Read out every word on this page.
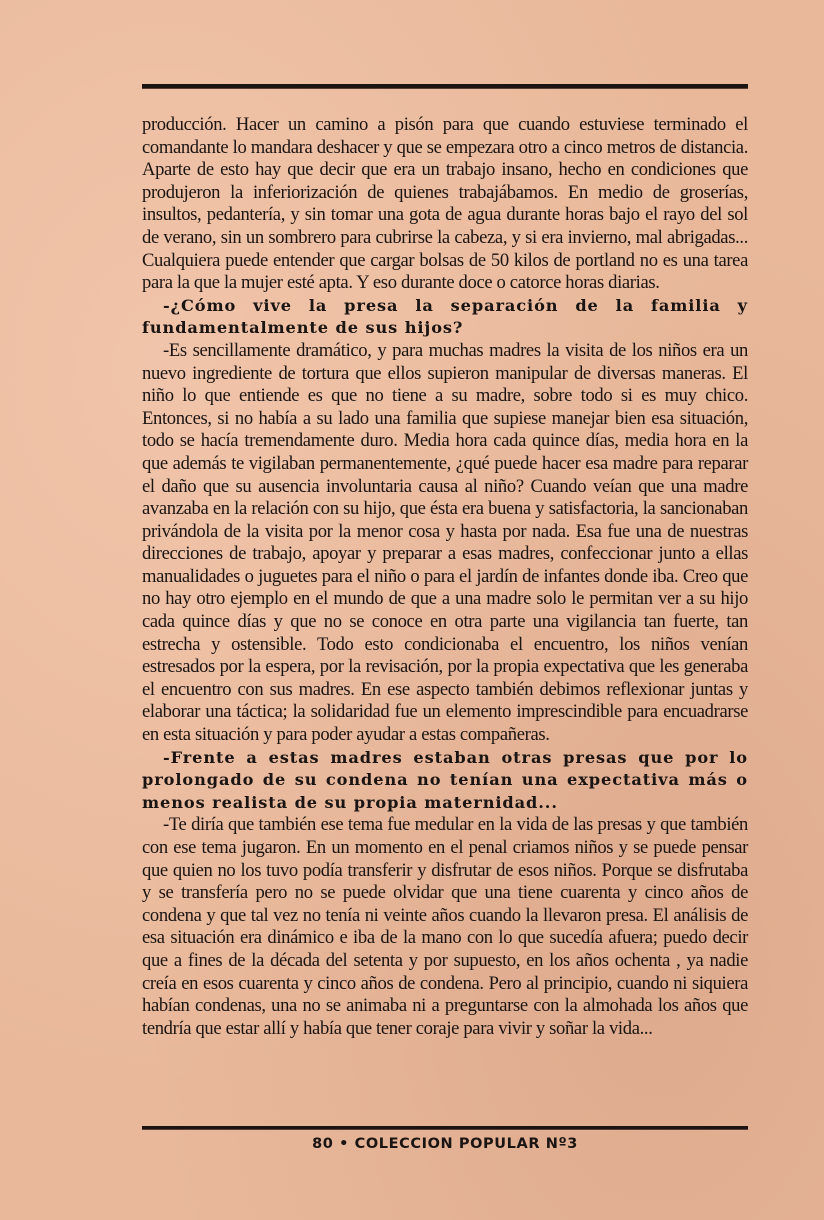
producción. Hacer un camino a pisón para que cuando estuviese terminado el comandante lo mandara deshacer y que se empezara otro a cinco metros de distancia. Aparte de esto hay que decir que era un trabajo insano, hecho en condiciones que produjeron la inferiorización de quienes trabajábamos. En medio de groserías, insultos, pedantería, y sin tomar una gota de agua durante horas bajo el rayo del sol de verano, sin un sombrero para cubrirse la cabeza, y si era invierno, mal abrigadas... Cualquiera puede entender que cargar bolsas de 50 kilos de portland no es una tarea para la que la mujer esté apta. Y eso durante doce o catorce horas diarias.

-¿Cómo vive la presa la separación de la familia y fundamentalmente de sus hijos?

-Es sencillamente dramático, y para muchas madres la visita de los niños era un nuevo ingrediente de tortura que ellos supieron manipular de diversas maneras. El niño lo que entiende es que no tiene a su madre, sobre todo si es muy chico. Entonces, si no había a su lado una familia que supiese manejar bien esa situación, todo se hacía tremendamente duro. Media hora cada quince días, media hora en la que además te vigilaban permanentemente, ¿qué puede hacer esa madre para reparar el daño que su ausencia involuntaria causa al niño? Cuando veían que una madre avanzaba en la relación con su hijo, que ésta era buena y satisfactoria, la sancionaban privándola de la visita por la menor cosa y hasta por nada. Esa fue una de nuestras direcciones de trabajo, apoyar y preparar a esas madres, confeccionar junto a ellas manualidades o juguetes para el niño o para el jardín de infantes donde iba. Creo que no hay otro ejemplo en el mundo de que a una madre solo le permitan ver a su hijo cada quince días y que no se conoce en otra parte una vigilancia tan fuerte, tan estrecha y ostensible. Todo esto condicionaba el encuentro, los niños venían estresados por la espera, por la revisación, por la propia expectativa que les generaba el encuentro con sus madres. En ese aspecto también debimos reflexionar juntas y elaborar una táctica; la solidaridad fue un elemento imprescindible para encuadrarse en esta situación y para poder ayudar a estas compañeras.

-Frente a estas madres estaban otras presas que por lo prolongado de su condena no tenían una expectativa más o menos realista de su propia maternidad...

-Te diría que también ese tema fue medular en la vida de las presas y que también con ese tema jugaron. En un momento en el penal criamos niños y se puede pensar que quien no los tuvo podía transferir y disfrutar de esos niños. Porque se disfrutaba y se transfería pero no se puede olvidar que una tiene cuarenta y cinco años de condena y que tal vez no tenía ni veinte años cuando la llevaron presa. El análisis de esa situación era dinámico e iba de la mano con lo que sucedía afuera; puedo decir que a fines de la década del setenta y por supuesto, en los años ochenta , ya nadie creía en esos cuarenta y cinco años de condena. Pero al principio, cuando ni siquiera habían condenas, una no se animaba ni a preguntarse con la almohada los años que tendría que estar allí y había que tener coraje para vivir y soñar la vida...

80 • COLECCION POPULAR Nº3
